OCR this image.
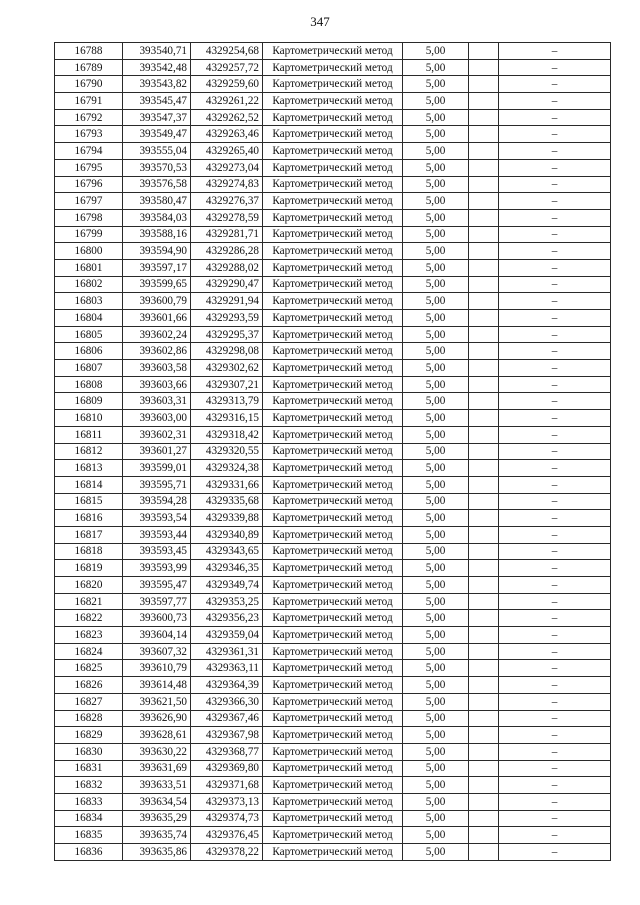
347
16788	393540,71	4329254,68	Картометрический метод	5,00		–
16789	393542,48	4329257,72	Картометрический метод	5,00		–
16790	393543,82	4329259,60	Картометрический метод	5,00		–
16791	393545,47	4329261,22	Картометрический метод	5,00		–
16792	393547,37	4329262,52	Картометрический метод	5,00		–
16793	393549,47	4329263,46	Картометрический метод	5,00		–
16794	393555,04	4329265,40	Картометрический метод	5,00		–
16795	393570,53	4329273,04	Картометрический метод	5,00		–
16796	393576,58	4329274,83	Картометрический метод	5,00		–
16797	393580,47	4329276,37	Картометрический метод	5,00		–
16798	393584,03	4329278,59	Картометрический метод	5,00		–
16799	393588,16	4329281,71	Картометрический метод	5,00		–
16800	393594,90	4329286,28	Картометрический метод	5,00		–
16801	393597,17	4329288,02	Картометрический метод	5,00		–
16802	393599,65	4329290,47	Картометрический метод	5,00		–
16803	393600,79	4329291,94	Картометрический метод	5,00		–
16804	393601,66	4329293,59	Картометрический метод	5,00		–
16805	393602,24	4329295,37	Картометрический метод	5,00		–
16806	393602,86	4329298,08	Картометрический метод	5,00		–
16807	393603,58	4329302,62	Картометрический метод	5,00		–
16808	393603,66	4329307,21	Картометрический метод	5,00		–
16809	393603,31	4329313,79	Картометрический метод	5,00		–
16810	393603,00	4329316,15	Картометрический метод	5,00		–
16811	393602,31	4329318,42	Картометрический метод	5,00		–
16812	393601,27	4329320,55	Картометрический метод	5,00		–
16813	393599,01	4329324,38	Картометрический метод	5,00		–
16814	393595,71	4329331,66	Картометрический метод	5,00		–
16815	393594,28	4329335,68	Картометрический метод	5,00		–
16816	393593,54	4329339,88	Картометрический метод	5,00		–
16817	393593,44	4329340,89	Картометрический метод	5,00		–
16818	393593,45	4329343,65	Картометрический метод	5,00		–
16819	393593,99	4329346,35	Картометрический метод	5,00		–
16820	393595,47	4329349,74	Картометрический метод	5,00		–
16821	393597,77	4329353,25	Картометрический метод	5,00		–
16822	393600,73	4329356,23	Картометрический метод	5,00		–
16823	393604,14	4329359,04	Картометрический метод	5,00		–
16824	393607,32	4329361,31	Картометрический метод	5,00		–
16825	393610,79	4329363,11	Картометрический метод	5,00		–
16826	393614,48	4329364,39	Картометрический метод	5,00		–
16827	393621,50	4329366,30	Картометрический метод	5,00		–
16828	393626,90	4329367,46	Картометрический метод	5,00		–
16829	393628,61	4329367,98	Картометрический метод	5,00		–
16830	393630,22	4329368,77	Картометрический метод	5,00		–
16831	393631,69	4329369,80	Картометрический метод	5,00		–
16832	393633,51	4329371,68	Картометрический метод	5,00		–
16833	393634,54	4329373,13	Картометрический метод	5,00		–
16834	393635,29	4329374,73	Картометрический метод	5,00		–
16835	393635,74	4329376,45	Картометрический метод	5,00		–
16836	393635,86	4329378,22	Картометрический метод	5,00		–
